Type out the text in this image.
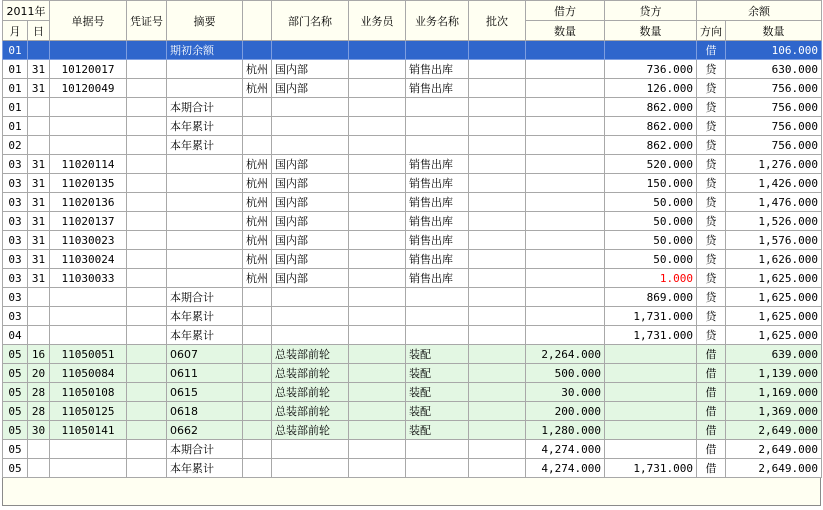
2011年		单据号	凭证号	摘要		部门名称	业务员	业务名称	批次	借方	贷方	余额	
月	日									数量	数量	方向	数量
01				期初余额								借	106.000
01	31	10120017			杭州	国内部		销售出库			736.000	贷	630.000
01	31	10120049			杭州	国内部		销售出库			126.000	贷	756.000
01				本期合计							862.000	贷	756.000
01				本年累计							862.000	贷	756.000
02				本年累计							862.000	贷	756.000
03	31	11020114			杭州	国内部		销售出库			520.000	贷	1,276.000
03	31	11020135			杭州	国内部		销售出库			150.000	贷	1,426.000
03	31	11020136			杭州	国内部		销售出库			50.000	贷	1,476.000
03	31	11020137			杭州	国内部		销售出库			50.000	贷	1,526.000
03	31	11030023			杭州	国内部		销售出库			50.000	贷	1,576.000
03	31	11030024			杭州	国内部		销售出库			50.000	贷	1,626.000
03	31	11030033			杭州	国内部		销售出库			1.000	贷	1,625.000
03				本期合计							869.000	贷	1,625.000
03				本年累计							1,731.000	贷	1,625.000
04				本年累计							1,731.000	贷	1,625.000
05	16	11050051		0607		总装部前轮		装配		2,264.000		借	639.000
05	20	11050084		0611		总装部前轮		装配		500.000		借	1,139.000
05	28	11050108		0615		总装部前轮		装配		30.000		借	1,169.000
05	28	11050125		0618		总装部前轮		装配		200.000		借	1,369.000
05	30	11050141		0662		总装部前轮		装配		1,280.000		借	2,649.000
05				本期合计						4,274.000		借	2,649.000
05				本年累计						4,274.000	1,731.000	借	2,649.000
